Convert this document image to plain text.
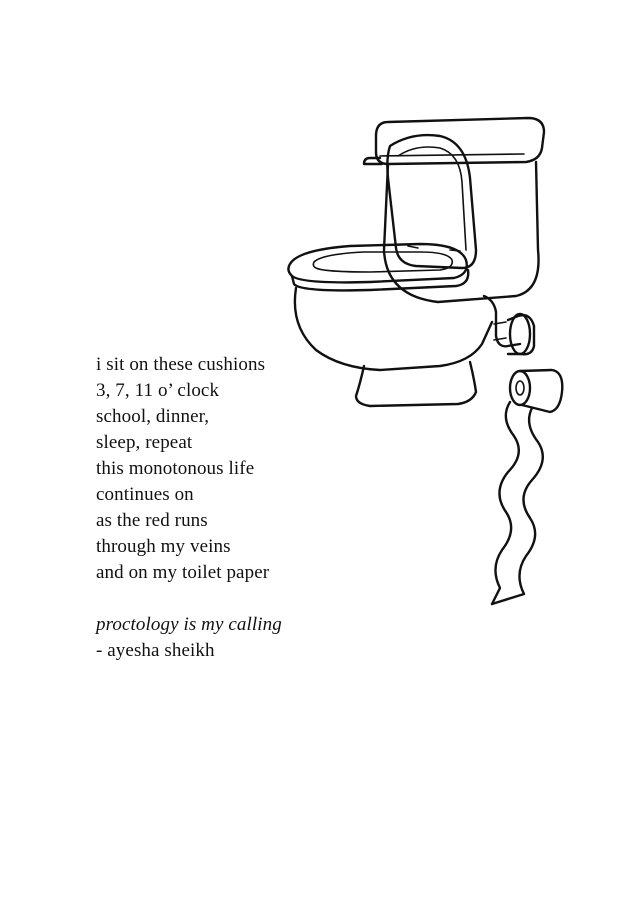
i sit on these cushions
3, 7, 11 o’ clock
school, dinner,
sleep, repeat
this monotonous life
continues on
as the red runs
through my veins
and on my toilet paper
proctology is my calling
- ayesha sheikh
